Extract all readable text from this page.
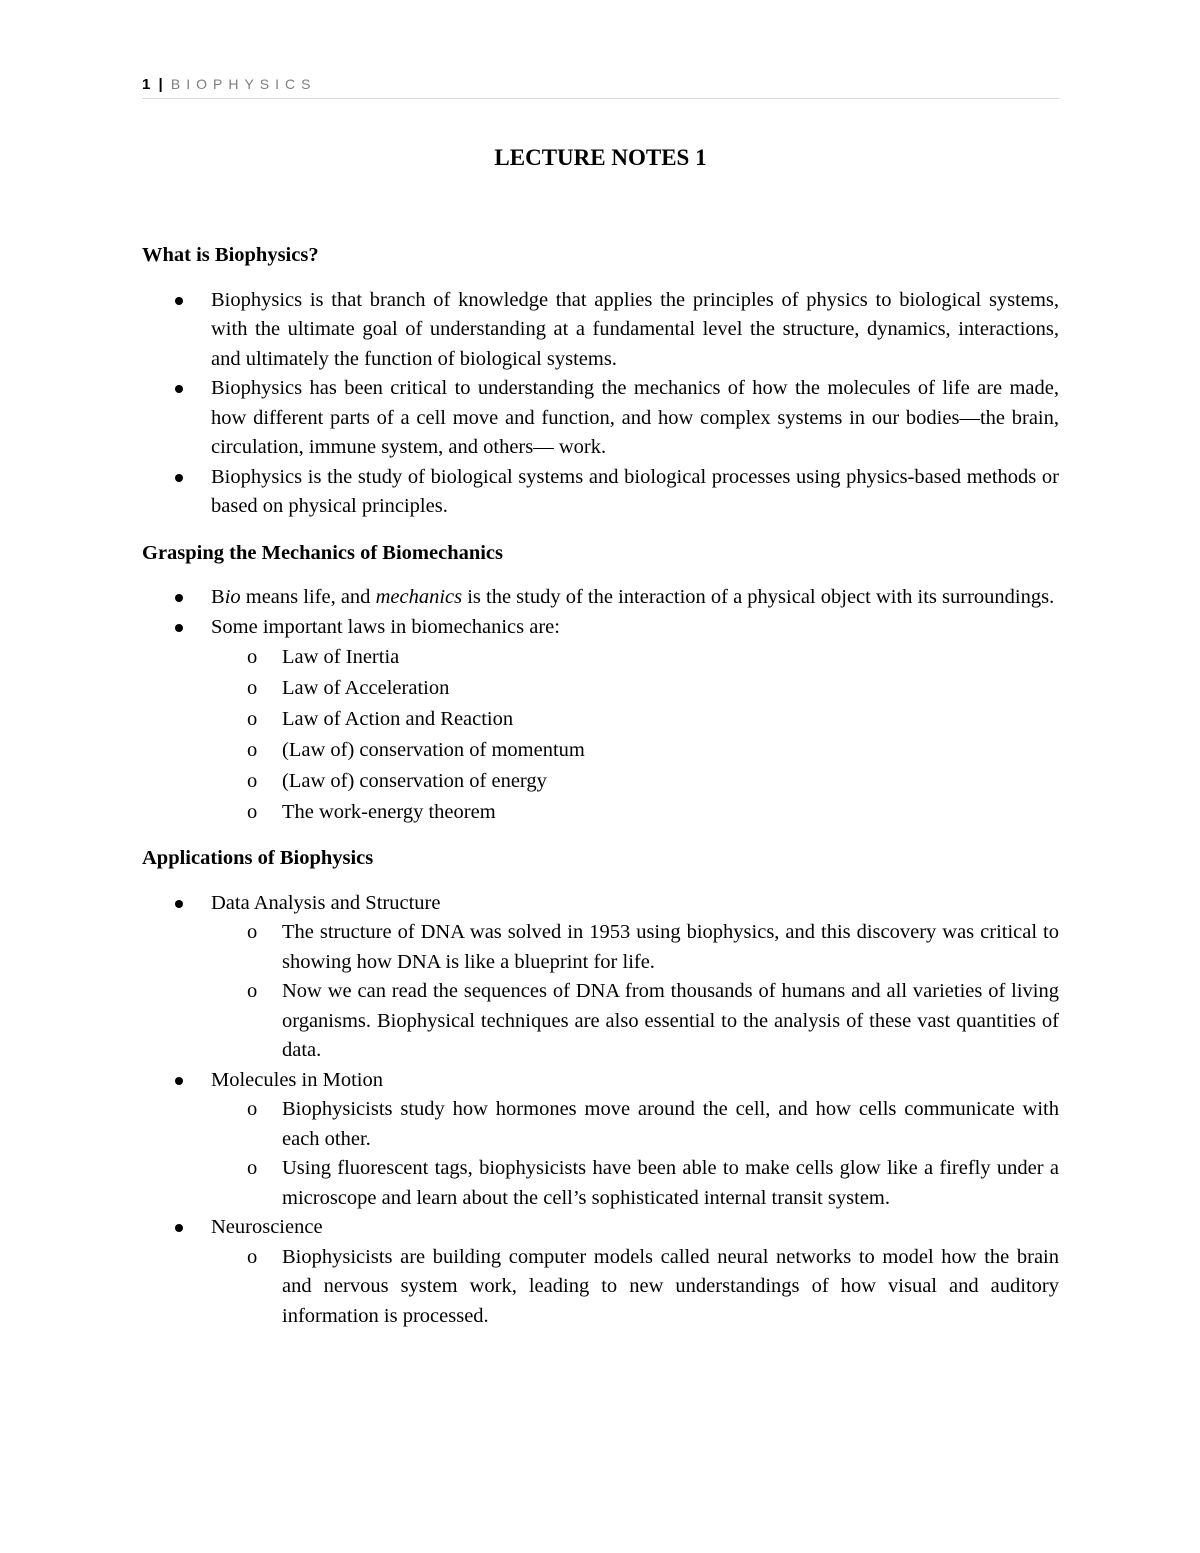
1 | BIOPHYSICS
LECTURE NOTES 1
What is Biophysics?
Biophysics is that branch of knowledge that applies the principles of physics to biological systems, with the ultimate goal of understanding at a fundamental level the structure, dynamics, interactions, and ultimately the function of biological systems.
Biophysics has been critical to understanding the mechanics of how the molecules of life are made, how different parts of a cell move and function, and how complex systems in our bodies—the brain, circulation, immune system, and others— work.
Biophysics is the study of biological systems and biological processes using physics-based methods or based on physical principles.
Grasping the Mechanics of Biomechanics
Bio means life, and mechanics is the study of the interaction of a physical object with its surroundings.
Some important laws in biomechanics are:
o Law of Inertia
o Law of Acceleration
o Law of Action and Reaction
o (Law of) conservation of momentum
o (Law of) conservation of energy
o The work-energy theorem
Applications of Biophysics
Data Analysis and Structure
o The structure of DNA was solved in 1953 using biophysics, and this discovery was critical to showing how DNA is like a blueprint for life.
o Now we can read the sequences of DNA from thousands of humans and all varieties of living organisms. Biophysical techniques are also essential to the analysis of these vast quantities of data.
Molecules in Motion
o Biophysicists study how hormones move around the cell, and how cells communicate with each other.
o Using fluorescent tags, biophysicists have been able to make cells glow like a firefly under a microscope and learn about the cell’s sophisticated internal transit system.
Neuroscience
o Biophysicists are building computer models called neural networks to model how the brain and nervous system work, leading to new understandings of how visual and auditory information is processed.
